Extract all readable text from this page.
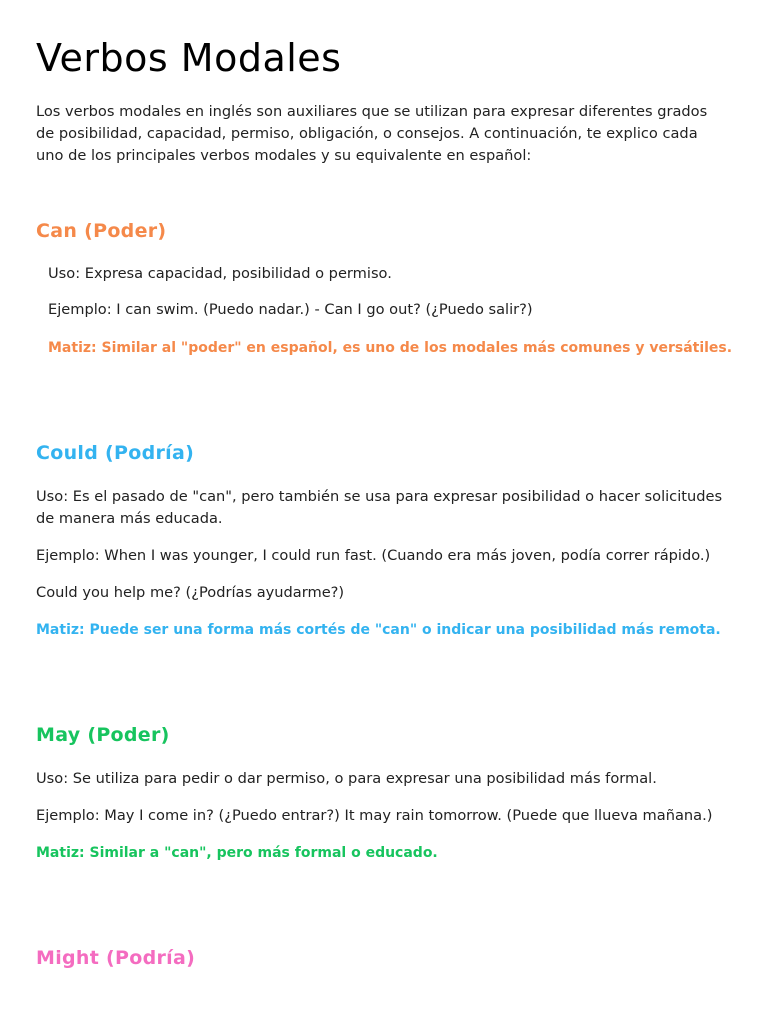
Verbos Modales

Los verbos modales en inglés son auxiliares que se utilizan para expresar diferentes grados de posibilidad, capacidad, permiso, obligación, o consejos. A continuación, te explico cada uno de los principales verbos modales y su equivalente en español:

Can (Poder)

Uso: Expresa capacidad, posibilidad o permiso.

Ejemplo: I can swim. (Puedo nadar.) - Can I go out? (¿Puedo salir?)

Matiz: Similar al "poder" en español, es uno de los modales más comunes y versátiles.

Could (Podría)

Uso: Es el pasado de "can", pero también se usa para expresar posibilidad o hacer solicitudes de manera más educada.

Ejemplo: When I was younger, I could run fast. (Cuando era más joven, podía correr rápido.)

Could you help me? (¿Podrías ayudarme?)

Matiz: Puede ser una forma más cortés de "can" o indicar una posibilidad más remota.

May (Poder)

Uso: Se utiliza para pedir o dar permiso, o para expresar una posibilidad más formal.

Ejemplo: May I come in? (¿Puedo entrar?) It may rain tomorrow. (Puede que llueva mañana.)

Matiz: Similar a "can", pero más formal o educado.

Might (Podría)
